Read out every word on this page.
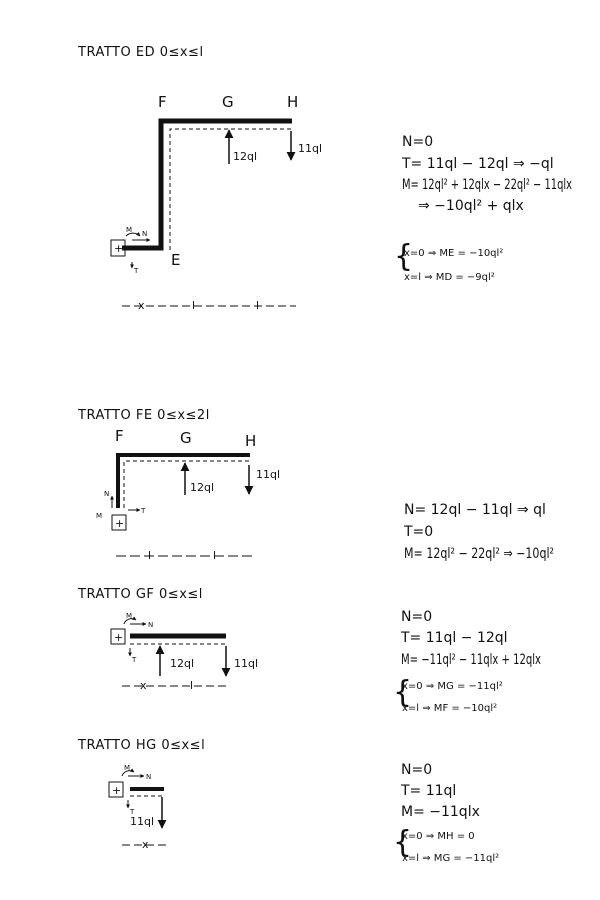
TRATTO ED 0≤x≤l
F	G	H
E
12ql
11ql
+
N
T
M
x	l	l
N=0
T= 11ql − 12ql ⇒ −ql
M= 12ql² + 12qlx − 22ql² − 11qlx
⇒ −10ql² + qlx
{
x=0 ⇒ ME = −10ql²
x=l ⇒ MD = −9ql²
TRATTO FE 0≤x≤2l
F	G	H
12ql
11ql
+
N
T
M
l	l
N= 12ql − 11ql ⇒ ql
T=0
M= 12ql² − 22ql² ⇒ −10ql²
TRATTO GF 0≤x≤l
+
N
T
M
12ql	11ql
x	l
N=0
T= 11ql − 12ql
M= −11ql² − 11qlx + 12qlx
{
x=0 ⇒ MG = −11ql²
x=l ⇒ MF = −10ql²
TRATTO HG 0≤x≤l
+
N
T
M
11ql
x
N=0
T= 11ql
M= −11qlx
{
x=0 ⇒ MH = 0
x=l ⇒ MG = −11ql²
